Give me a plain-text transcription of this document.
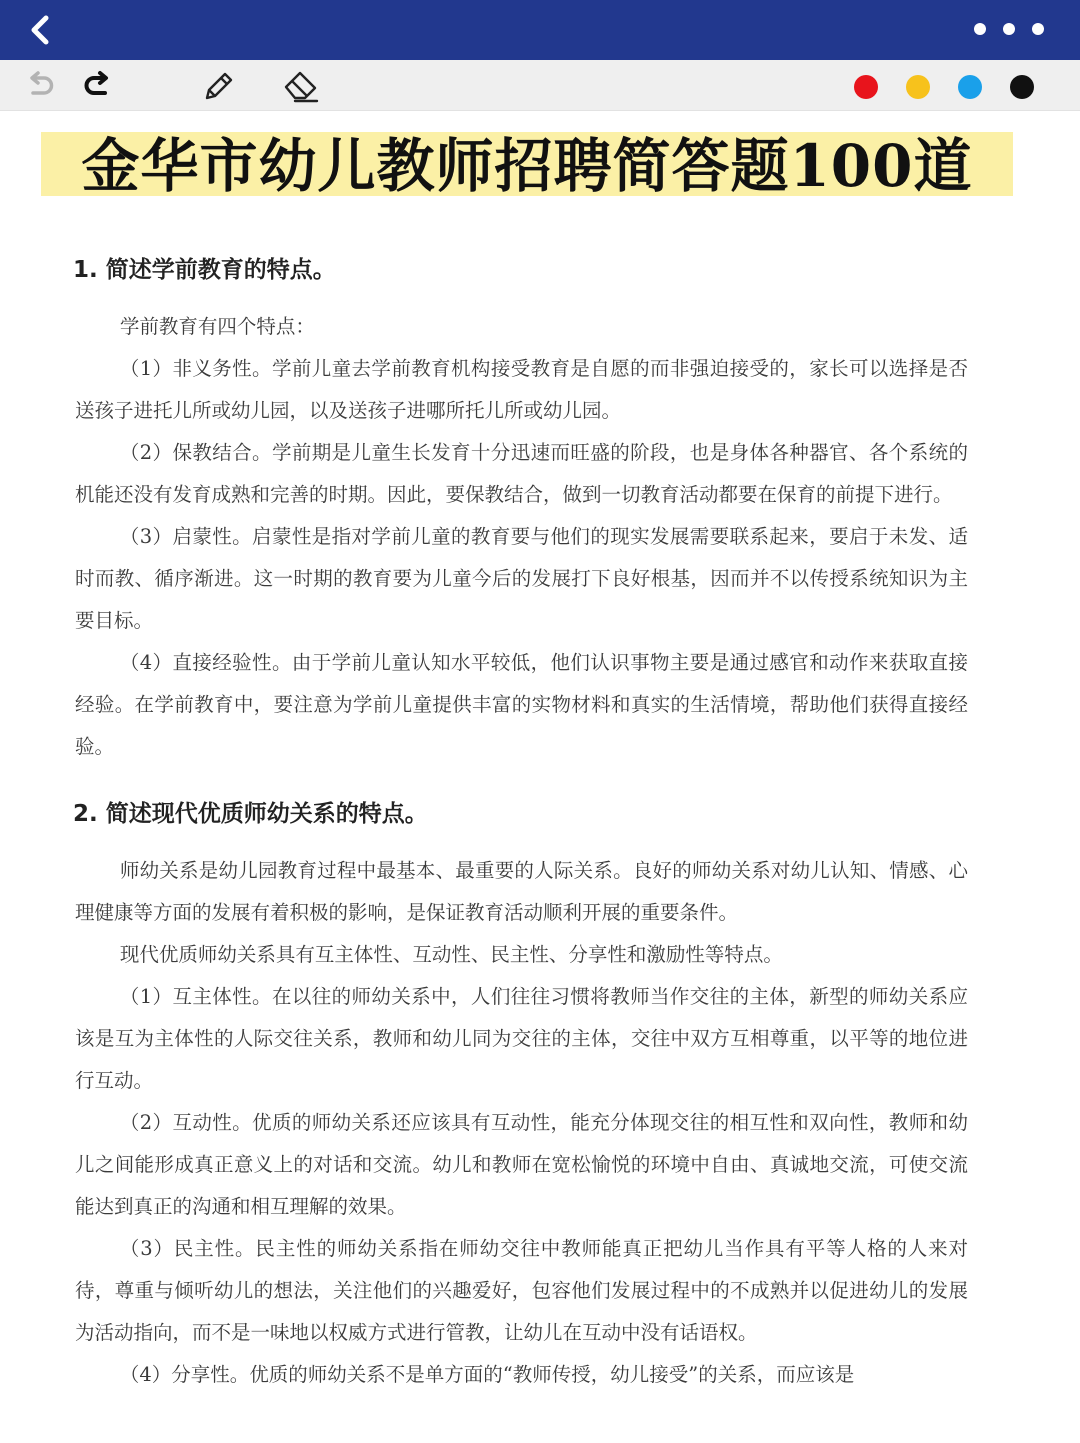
金华市幼儿教师招聘简答题100道
1. 简述学前教育的特点。

学前教育有四个特点：

（1）非义务性。学前儿童去学前教育机构接受教育是自愿的而非强迫接受的，家长可以选择是否送孩子进托儿所或幼儿园，以及送孩子进哪所托儿所或幼儿园。

（2）保教结合。学前期是儿童生长发育十分迅速而旺盛的阶段，也是身体各种器官、各个系统的机能还没有发育成熟和完善的时期。因此，要保教结合，做到一切教育活动都要在保育的前提下进行。

（3）启蒙性。启蒙性是指对学前儿童的教育要与他们的现实发展需要联系起来，要启于未发、适时而教、循序渐进。这一时期的教育要为儿童今后的发展打下良好根基，因而并不以传授系统知识为主要目标。

（4）直接经验性。由于学前儿童认知水平较低，他们认识事物主要是通过感官和动作来获取直接经验。在学前教育中，要注意为学前儿童提供丰富的实物材料和真实的生活情境，帮助他们获得直接经验。

2. 简述现代优质师幼关系的特点。

师幼关系是幼儿园教育过程中最基本、最重要的人际关系。良好的师幼关系对幼儿认知、情感、心理健康等方面的发展有着积极的影响，是保证教育活动顺利开展的重要条件。

现代优质师幼关系具有互主体性、互动性、民主性、分享性和激励性等特点。

（1）互主体性。在以往的师幼关系中，人们往往习惯将教师当作交往的主体，新型的师幼关系应该是互为主体性的人际交往关系，教师和幼儿同为交往的主体，交往中双方互相尊重，以平等的地位进行互动。

（2）互动性。优质的师幼关系还应该具有互动性，能充分体现交往的相互性和双向性，教师和幼儿之间能形成真正意义上的对话和交流。幼儿和教师在宽松愉悦的环境中自由、真诚地交流，可使交流能达到真正的沟通和相互理解的效果。

（3）民主性。民主性的师幼关系指在师幼交往中教师能真正把幼儿当作具有平等人格的人来对待，尊重与倾听幼儿的想法，关注他们的兴趣爱好，包容他们发展过程中的不成熟并以促进幼儿的发展为活动指向，而不是一味地以权威方式进行管教，让幼儿在互动中没有话语权。

（4）分享性。优质的师幼关系不是单方面的“教师传授，幼儿接受”的关系，而应该是
